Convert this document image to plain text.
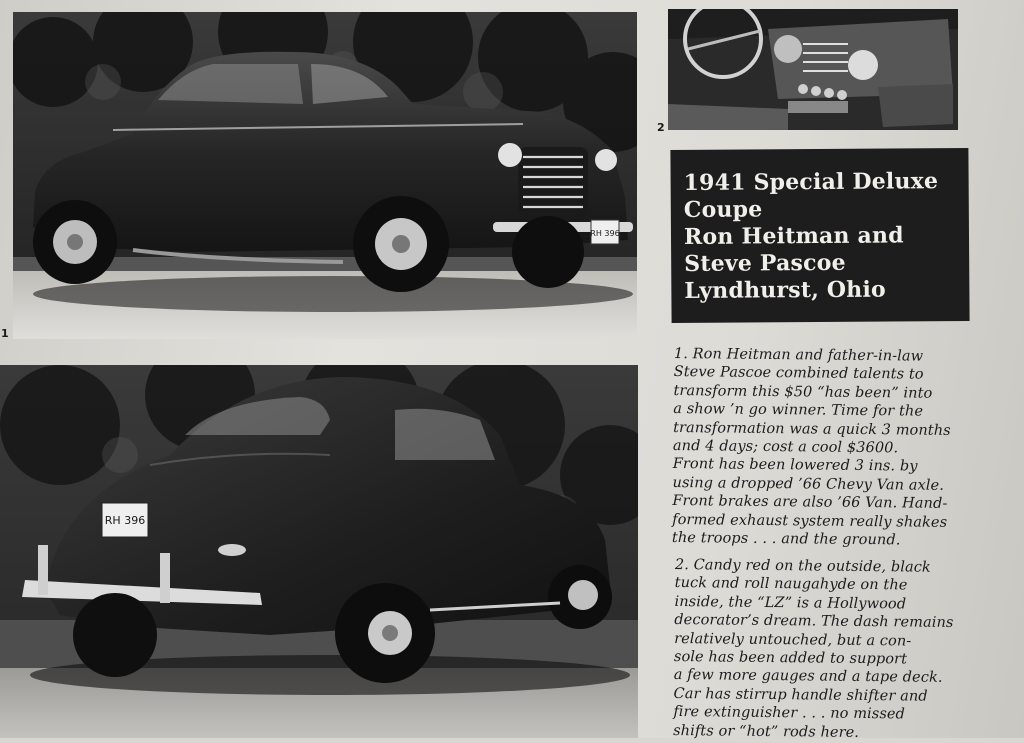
RH 396
1
2
RH 396
1941 Special Deluxe
Coupe
Ron Heitman and
Steve Pascoe
Lyndhurst, Ohio
1. Ron Heitman and father-in-law
Steve Pascoe combined talents to
transform this $50 “has been” into
a show ’n go winner. Time for the
transformation was a quick 3 months
and 4 days; cost a cool $3600.
Front has been lowered 3 ins. by
using a dropped ’66 Chevy Van axle.
Front brakes are also ’66 Van. Hand-
formed exhaust system really shakes
the troops . . . and the ground.
2. Candy red on the outside, black
tuck and roll naugahyde on the
inside, the “LZ” is a Hollywood
decorator’s dream. The dash remains
relatively untouched, but a con-
sole has been added to support
a few more gauges and a tape deck.
Car has stirrup handle shifter and
fire extinguisher . . . no missed
shifts or “hot” rods here.
